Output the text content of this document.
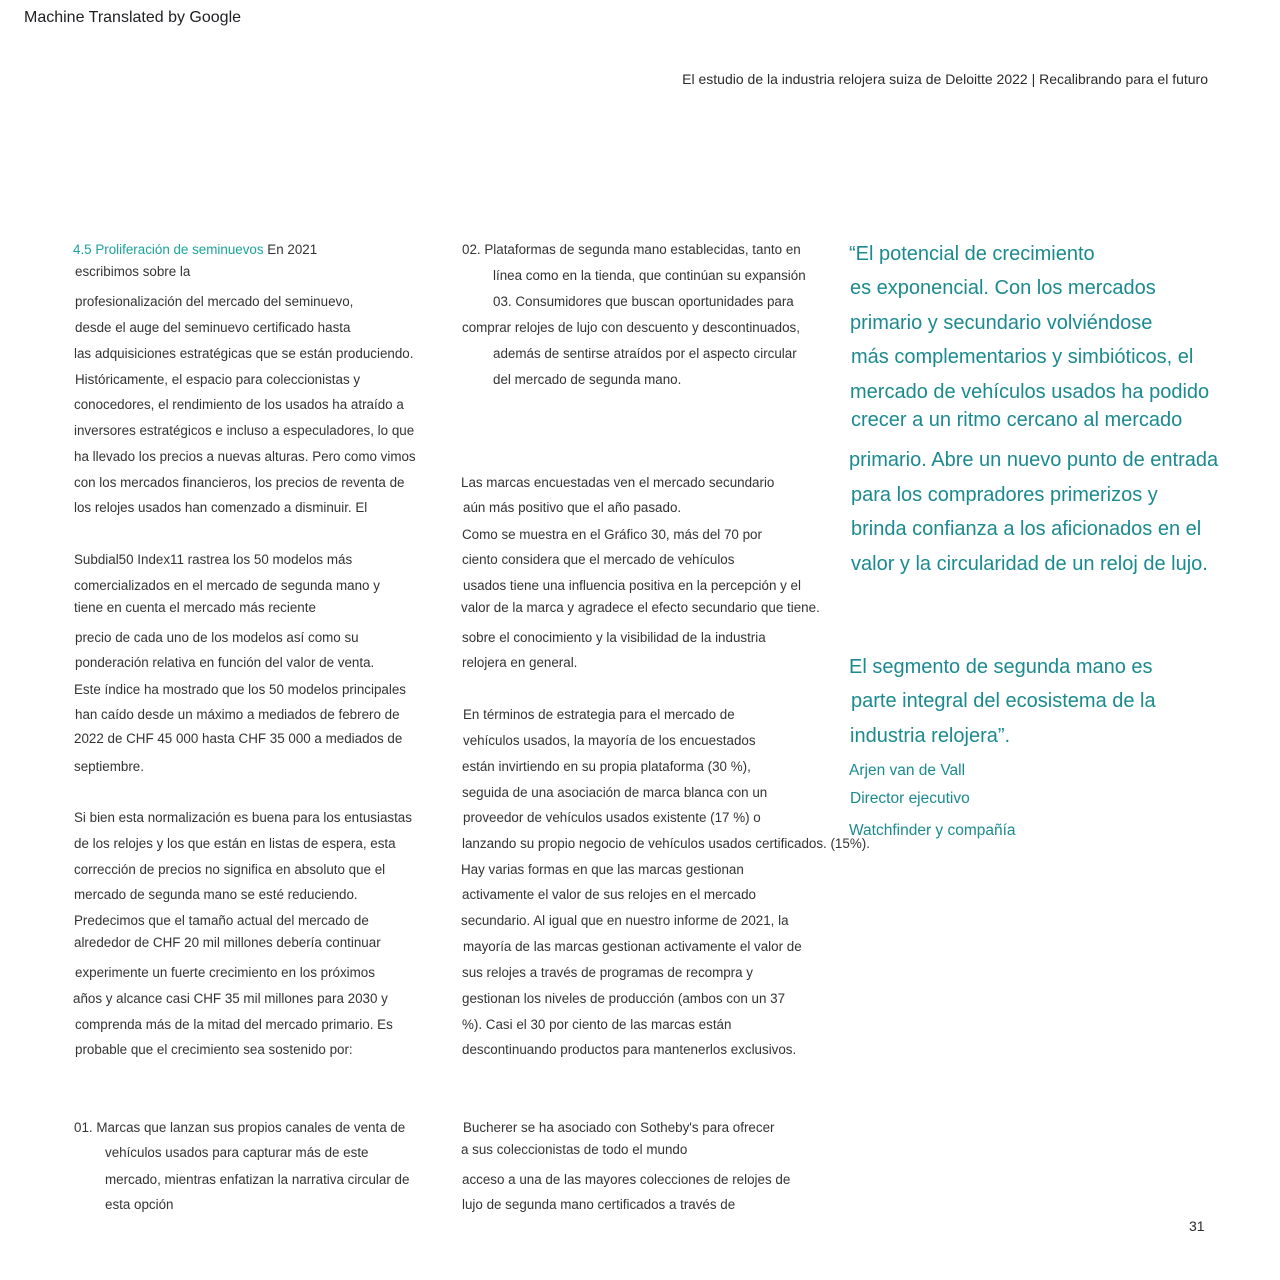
Machine Translated by Google
El estudio de la industria relojera suiza de Deloitte 2022 | Recalibrando para el futuro
4.5 Proliferación de seminuevos En 2021
escribimos sobre la
profesionalización del mercado del seminuevo,
desde el auge del seminuevo certificado hasta
las adquisiciones estratégicas que se están produciendo.
Históricamente, el espacio para coleccionistas y
conocedores, el rendimiento de los usados ha atraído a
inversores estratégicos e incluso a especuladores, lo que
ha llevado los precios a nuevas alturas. Pero como vimos
con los mercados financieros, los precios de reventa de
los relojes usados han comenzado a disminuir. El
Subdial50 Index11 rastrea los 50 modelos más
comercializados en el mercado de segunda mano y
tiene en cuenta el mercado más reciente
precio de cada uno de los modelos así como su
ponderación relativa en función del valor de venta.
Este índice ha mostrado que los 50 modelos principales
han caído desde un máximo a mediados de febrero de
2022 de CHF 45 000 hasta CHF 35 000 a mediados de
septiembre.
Si bien esta normalización es buena para los entusiastas
de los relojes y los que están en listas de espera, esta
corrección de precios no significa en absoluto que el
mercado de segunda mano se esté reduciendo.
Predecimos que el tamaño actual del mercado de
alrededor de CHF 20 mil millones debería continuar
experimente un fuerte crecimiento en los próximos
años y alcance casi CHF 35 mil millones para 2030 y
comprenda más de la mitad del mercado primario. Es
probable que el crecimiento sea sostenido por:
01. Marcas que lanzan sus propios canales de venta de
vehículos usados para capturar más de este
mercado, mientras enfatizan la narrativa circular de
esta opción
02. Plataformas de segunda mano establecidas, tanto en
línea como en la tienda, que continúan su expansión
03. Consumidores que buscan oportunidades para
comprar relojes de lujo con descuento y descontinuados,
además de sentirse atraídos por el aspecto circular
del mercado de segunda mano.
Las marcas encuestadas ven el mercado secundario
aún más positivo que el año pasado.
Como se muestra en el Gráfico 30, más del 70 por
ciento considera que el mercado de vehículos
usados tiene una influencia positiva en la percepción y el
valor de la marca y agradece el efecto secundario que tiene.
sobre el conocimiento y la visibilidad de la industria
relojera en general.
En términos de estrategia para el mercado de
vehículos usados, la mayoría de los encuestados
están invirtiendo en su propia plataforma (30 %),
seguida de una asociación de marca blanca con un
proveedor de vehículos usados existente (17 %) o
lanzando su propio negocio de vehículos usados certificados. (15%).
Hay varias formas en que las marcas gestionan
activamente el valor de sus relojes en el mercado
secundario. Al igual que en nuestro informe de 2021, la
mayoría de las marcas gestionan activamente el valor de
sus relojes a través de programas de recompra y
gestionan los niveles de producción (ambos con un 37
%). Casi el 30 por ciento de las marcas están
descontinuando productos para mantenerlos exclusivos.
Bucherer se ha asociado con Sotheby's para ofrecer
a sus coleccionistas de todo el mundo
acceso a una de las mayores colecciones de relojes de
lujo de segunda mano certificados a través de
“El potencial de crecimiento
es exponencial. Con los mercados
primario y secundario volviéndose
más complementarios y simbióticos, el
mercado de vehículos usados ha podido
crecer a un ritmo cercano al mercado
primario. Abre un nuevo punto de entrada
para los compradores primerizos y
brinda confianza a los aficionados en el
valor y la circularidad de un reloj de lujo.
El segmento de segunda mano es
parte integral del ecosistema de la
industria relojera”.
Arjen van de Vall
Director ejecutivo
Watchfinder y compañía
31
